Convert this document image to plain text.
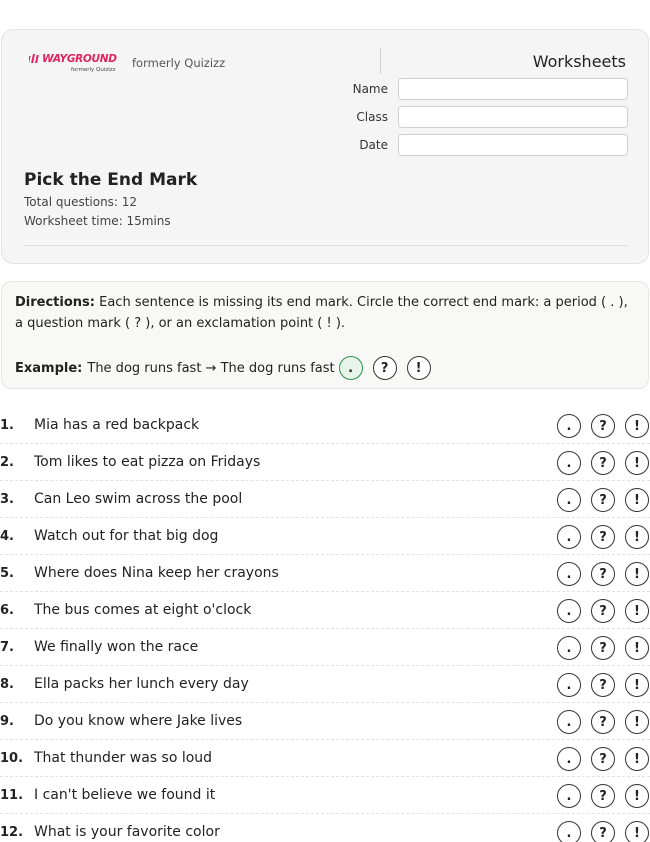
WAYGROUND
formerly Quizizz formerly Quizizz	Worksheets
Name
Class
Date
Pick the End Mark
Total questions: 12
Worksheet time: 15mins
Directions: Each sentence is missing its end mark. Circle the correct end mark: a period ( . ), a question mark ( ? ), or an exclamation point ( ! ).
Example: The dog runs fast → The dog runs fast	.	?	!
1. Mia has a red backpack	.	?	!
2. Tom likes to eat pizza on Fridays	.	?	!
3. Can Leo swim across the pool	.	?	!
4. Watch out for that big dog	.	?	!
5. Where does Nina keep her crayons	.	?	!
6. The bus comes at eight o'clock	.	?	!
7. We finally won the race	.	?	!
8. Ella packs her lunch every day	.	?	!
9. Do you know where Jake lives	.	?	!
10. That thunder was so loud	.	?	!
11. I can't believe we found it	.	?	!
12. What is your favorite color	.	?	!
